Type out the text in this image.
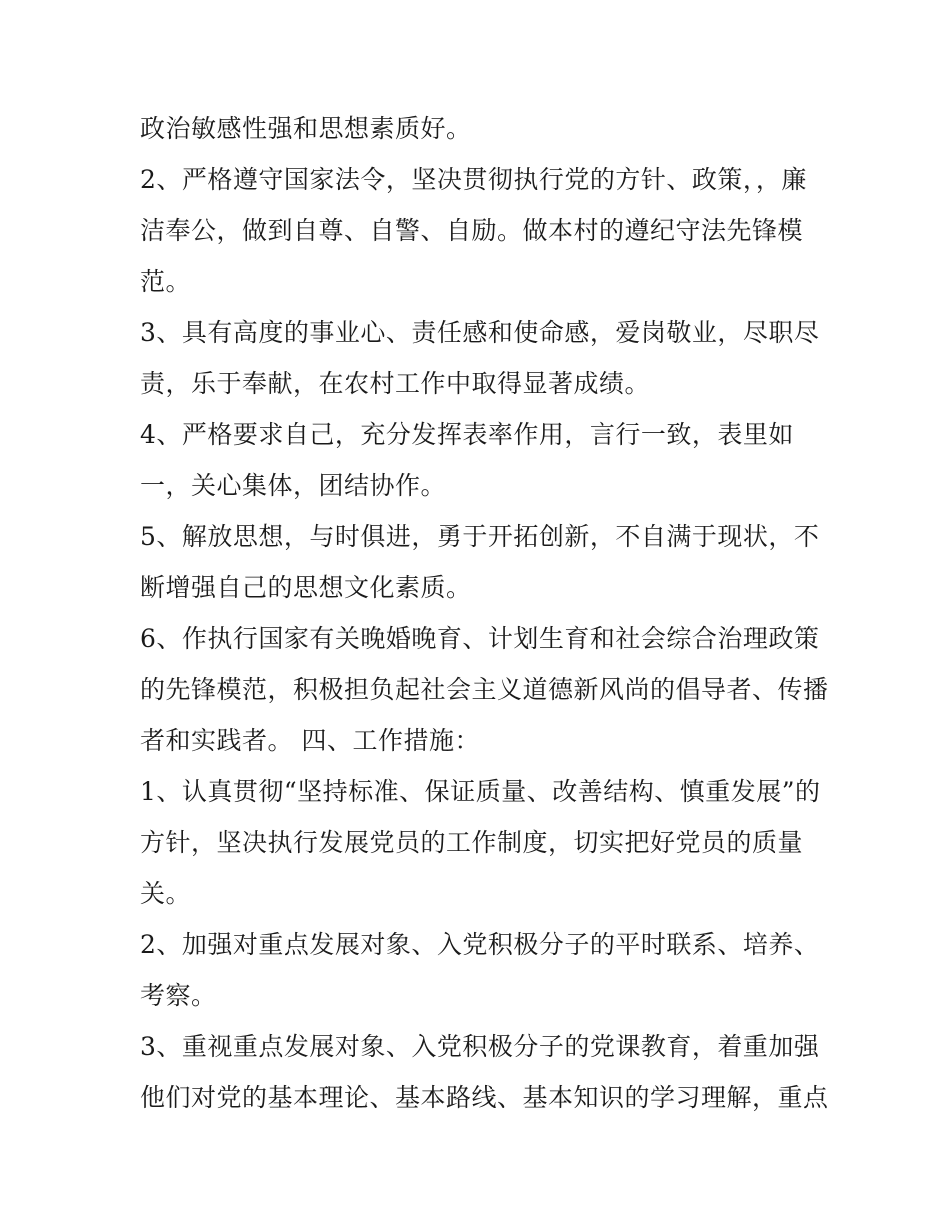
政治敏感性强和思想素质好。
2、严格遵守国家法令，坚决贯彻执行党的方针、政策，，廉
洁奉公，做到自尊、自警、自励。做本村的遵纪守法先锋模
范。
3、具有高度的事业心、责任感和使命感，爱岗敬业，尽职尽
责，乐于奉献，在农村工作中取得显著成绩。
4、严格要求自己，充分发挥表率作用，言行一致，表里如
一，关心集体，团结协作。
5、解放思想，与时俱进，勇于开拓创新，不自满于现状，不
断增强自己的思想文化素质。
6、作执行国家有关晚婚晚育、计划生育和社会综合治理政策
的先锋模范，积极担负起社会主义道德新风尚的倡导者、传播
者和实践者。 四、工作措施：
1、认真贯彻“坚持标准、保证质量、改善结构、慎重发展”的
方针，坚决执行发展党员的工作制度，切实把好党员的质量
关。
2、加强对重点发展对象、入党积极分子的平时联系、培养、
考察。
3、重视重点发展对象、入党积极分子的党课教育，着重加强
他们对党的基本理论、基本路线、基本知识的学习理解，重点
